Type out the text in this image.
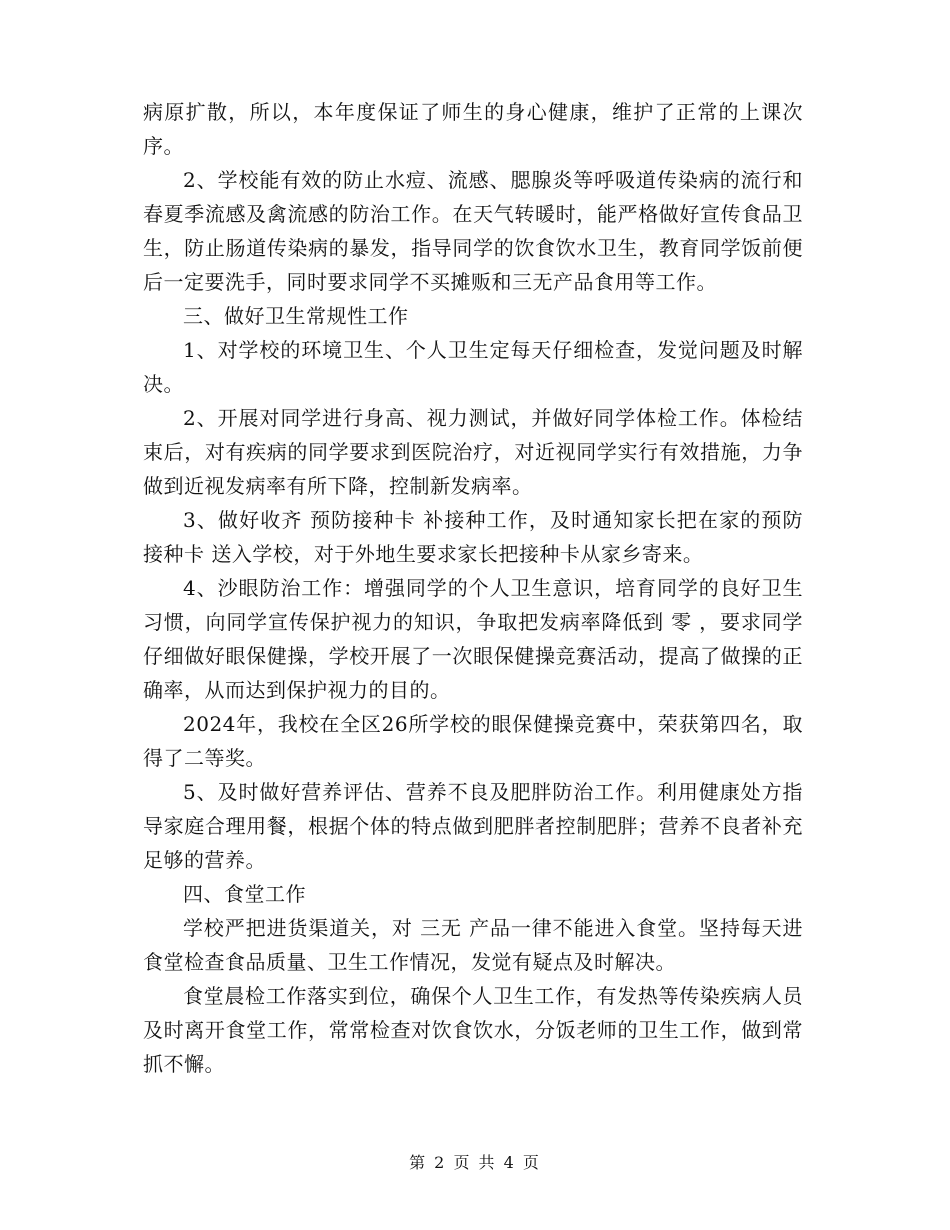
病原扩散，所以，本年度保证了师生的身心健康，维护了正常的上课次序。

2、学校能有效的防止水痘、流感、腮腺炎等呼吸道传染病的流行和春夏季流感及禽流感的防治工作。在天气转暖时，能严格做好宣传食品卫生，防止肠道传染病的暴发，指导同学的饮食饮水卫生，教育同学饭前便后一定要洗手，同时要求同学不买摊贩和三无产品食用等工作。

三、做好卫生常规性工作

1、对学校的环境卫生、个人卫生定每天仔细检查，发觉问题及时解决。

2、开展对同学进行身高、视力测试，并做好同学体检工作。体检结束后，对有疾病的同学要求到医院治疗，对近视同学实行有效措施，力争做到近视发病率有所下降，控制新发病率。

3、做好收齐 预防接种卡 补接种工作，及时通知家长把在家的预防接种卡 送入学校，对于外地生要求家长把接种卡从家乡寄来。

4、沙眼防治工作：增强同学的个人卫生意识，培育同学的良好卫生习惯，向同学宣传保护视力的知识，争取把发病率降低到 零 ，要求同学仔细做好眼保健操，学校开展了一次眼保健操竞赛活动，提高了做操的正确率，从而达到保护视力的目的。

2024年，我校在全区26所学校的眼保健操竞赛中，荣获第四名，取得了二等奖。

5、及时做好营养评估、营养不良及肥胖防治工作。利用健康处方指导家庭合理用餐，根据个体的特点做到肥胖者控制肥胖；营养不良者补充足够的营养。

四、食堂工作

学校严把进货渠道关，对 三无 产品一律不能进入食堂。坚持每天进食堂检查食品质量、卫生工作情况，发觉有疑点及时解决。

食堂晨检工作落实到位，确保个人卫生工作，有发热等传染疾病人员及时离开食堂工作，常常检查对饮食饮水，分饭老师的卫生工作，做到常抓不懈。

第 2 页 共 4 页
